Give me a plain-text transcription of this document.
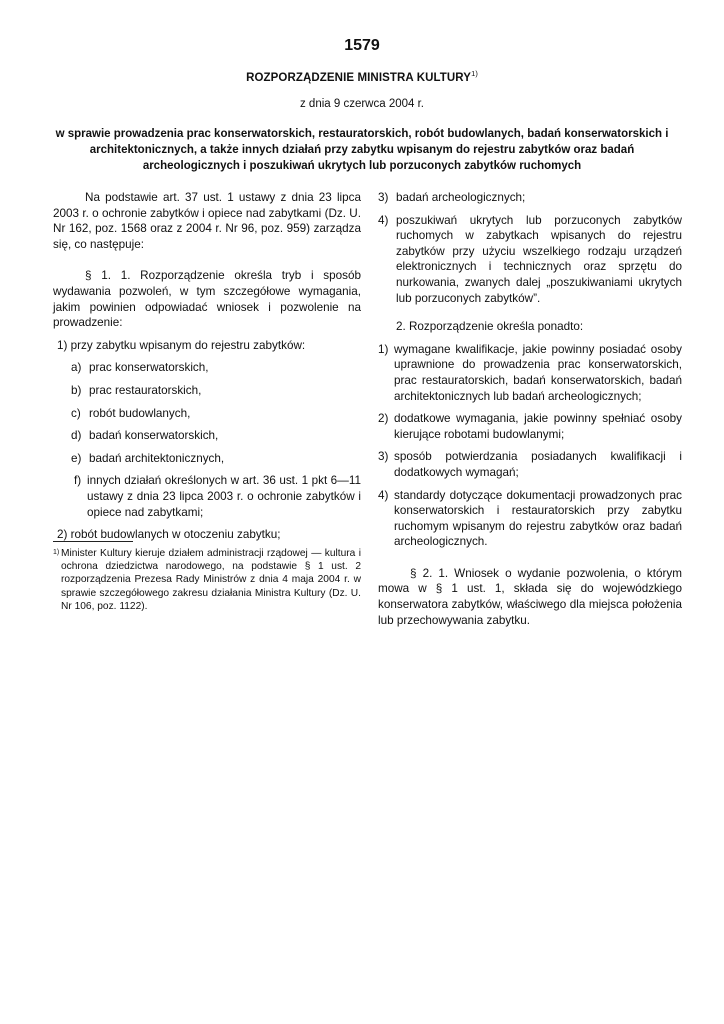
1579
ROZPORZĄDZENIE MINISTRA KULTURY$^{1)}$
z dnia 9 czerwca 2004 r.
w sprawie prowadzenia prac konserwatorskich, restauratorskich, robót budowlanych, badań konserwatorskich i architektonicznych, a także innych działań przy zabytku wpisanym do rejestru zabytków oraz badań archeologicznych i poszukiwań ukrytych lub porzuconych zabytków ruchomych

Na podstawie art. 37 ust. 1 ustawy z dnia 23 lipca 2003 r. o ochronie zabytków i opiece nad zabytkami (Dz. U. Nr 162, poz. 1568 oraz z 2004 r. Nr 96, poz. 959) zarządza się, co następuje:

§ 1. 1. Rozporządzenie określa tryb i sposób wydawania pozwoleń, w tym szczegółowe wymagania, jakim powinien odpowiadać wniosek i pozwolenie na prowadzenie:

1)
przy zabytku wpisanym do rejestru zabytków:
a) prac konserwatorskich,
b) prac restauratorskich,
c) robót budowlanych,
d) badań konserwatorskich,
e) badań architektonicznych,
f) innych działań określonych w art. 36 ust. 1 pkt 6—11 ustawy z dnia 23 lipca 2003 r. o ochronie zabytków i opiece nad zabytkami;
2)
robót budowlanych w otoczeniu zabytku;
1) Minister Kultury kieruje działem administracji rządowej — kultura i ochrona dziedzictwa narodowego, na podstawie § 1 ust. 2 rozporządzenia Prezesa Rady Ministrów z dnia 4 maja 2004 r. w sprawie szczegółowego zakresu działania Ministra Kultury (Dz. U. Nr 106, poz. 1122).
3) badań archeologicznych;
4) poszukiwań ukrytych lub porzuconych zabytków ruchomych w zabytkach wpisanych do rejestru zabytków przy użyciu wszelkiego rodzaju urządzeń elektronicznych i technicznych oraz sprzętu do nurkowania, zwanych dalej „poszukiwaniami ukrytych lub porzuconych zabytków”.

2. Rozporządzenie określa ponadto:

1) wymagane kwalifikacje, jakie powinny posiadać osoby uprawnione do prowadzenia prac konserwatorskich, prac restauratorskich, badań konserwatorskich, badań architektonicznych lub badań archeologicznych;
2) dodatkowe wymagania, jakie powinny spełniać osoby kierujące robotami budowlanymi;
3) sposób potwierdzania posiadanych kwalifikacji i dodatkowych wymagań;
4) standardy dotyczące dokumentacji prowadzonych prac konserwatorskich i restauratorskich przy zabytku ruchomym wpisanym do rejestru zabytków oraz badań archeologicznych.

§ 2. 1. Wniosek o wydanie pozwolenia, o którym mowa w § 1 ust. 1, składa się do wojewódzkiego konserwatora zabytków, właściwego dla miejsca położenia lub przechowywania zabytku.
